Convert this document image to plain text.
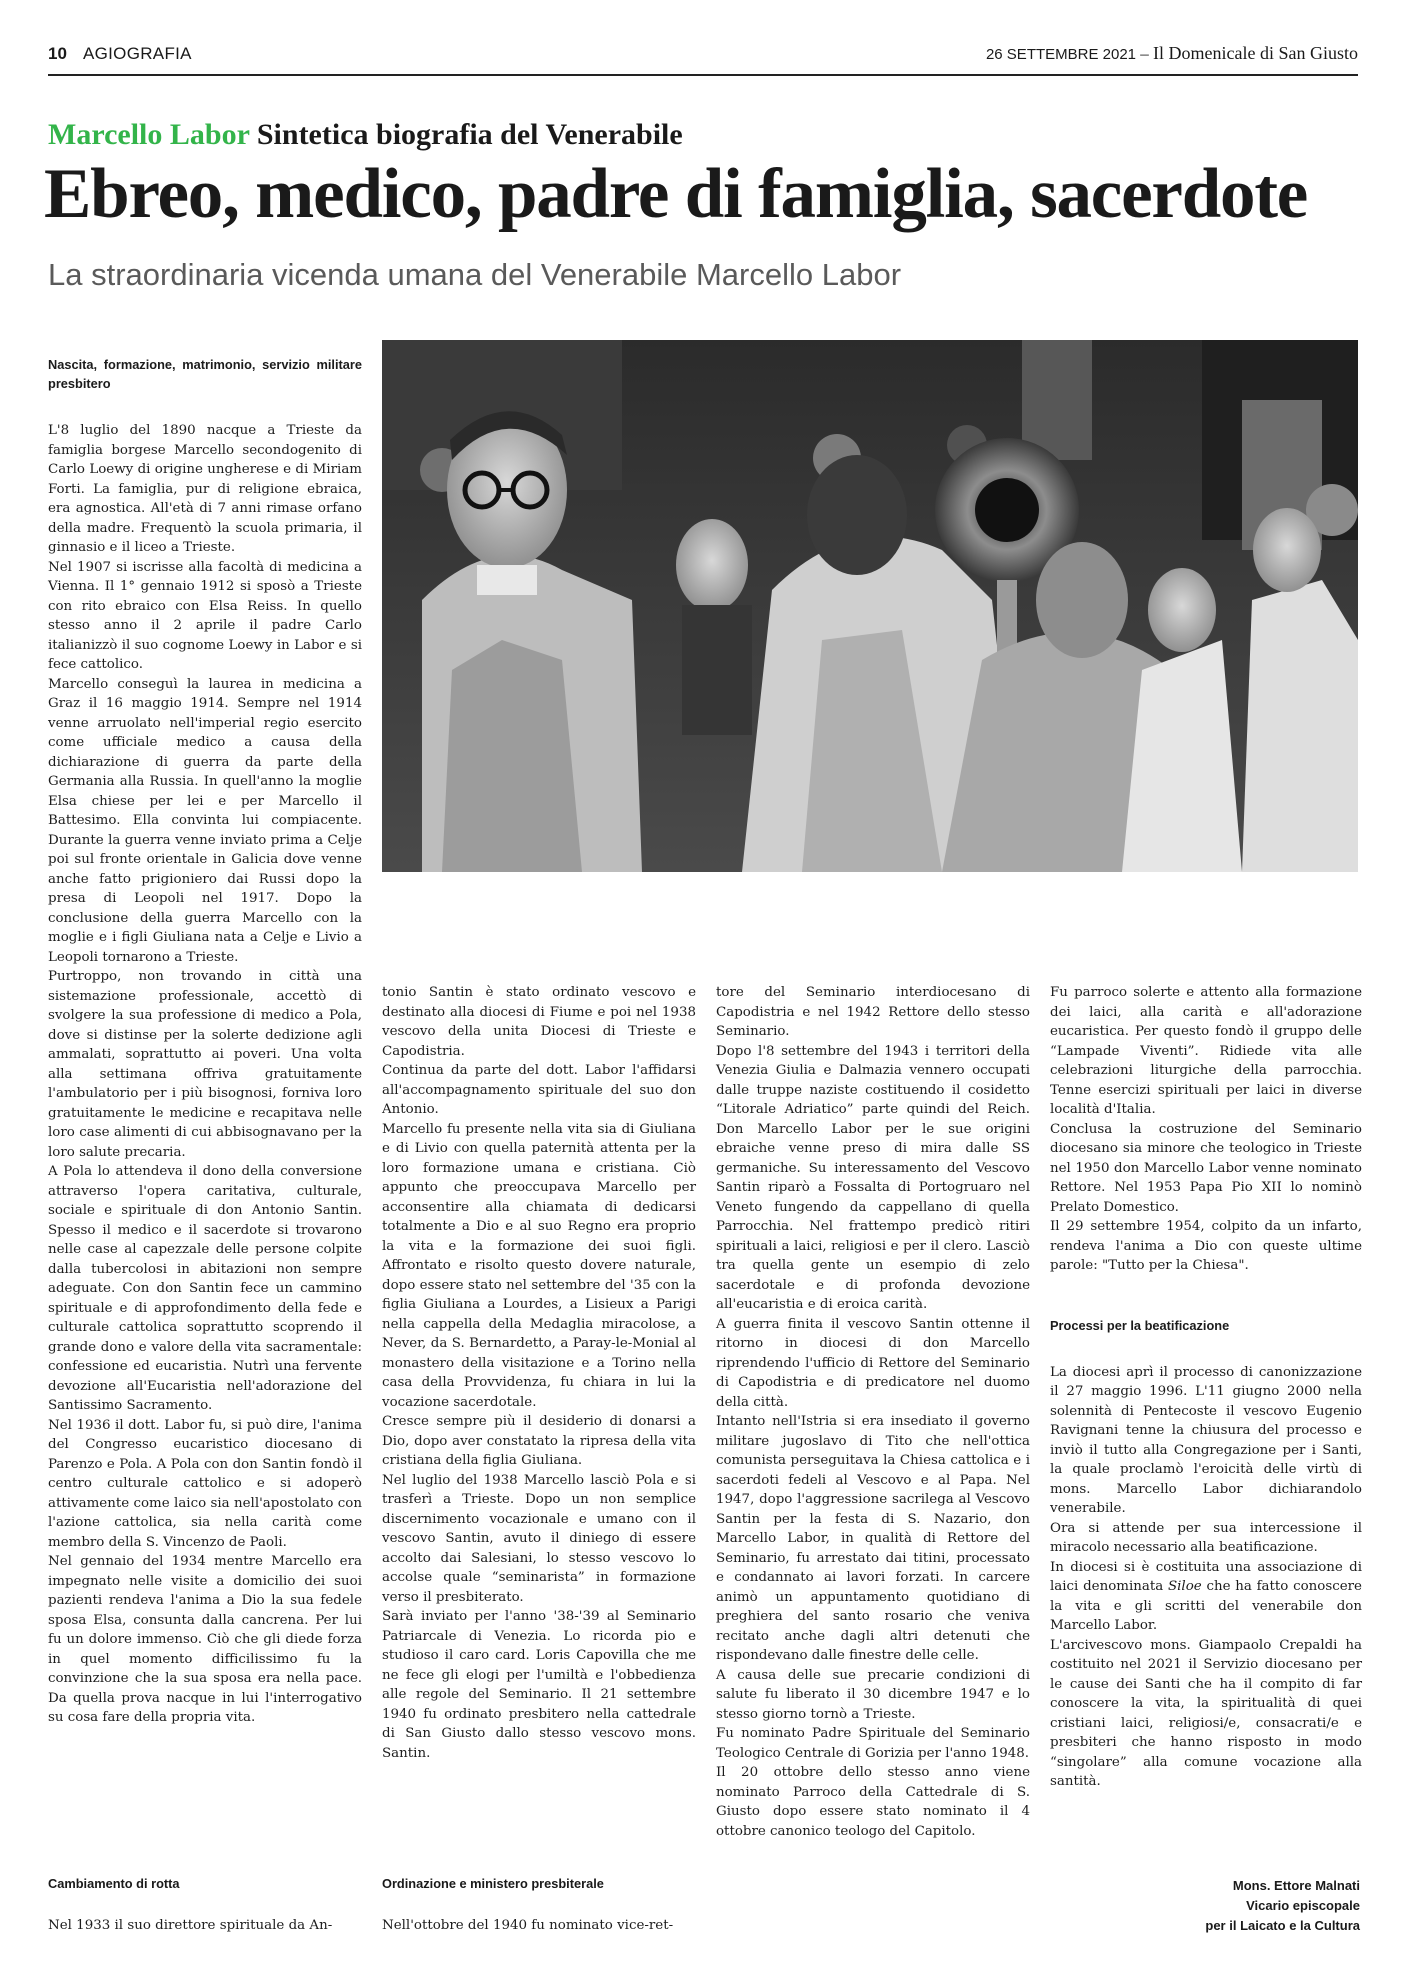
10 AGIOGRAFIA	26 SETTEMBRE 2021 – Il Domenicale di San Giusto
Marcello Labor Sintetica biografia del Venerabile
Ebreo, medico, padre di famiglia, sacerdote
La straordinaria vicenda umana del Venerabile Marcello Labor
Nascita, formazione, matrimonio, servizio militare presbitero

L'8 luglio del 1890 nacque a Trieste da famiglia borgese Marcello secondogenito di Carlo Loewy di origine ungherese e di Miriam Forti. La famiglia, pur di religione ebraica, era agnostica. All'età di 7 anni rimase orfano della madre. Frequentò la scuola primaria, il ginnasio e il liceo a Trieste.

Nel 1907 si iscrisse alla facoltà di medicina a Vienna. Il 1° gennaio 1912 si sposò a Trieste con rito ebraico con Elsa Reiss. In quello stesso anno il 2 aprile il padre Carlo italianizzò il suo cognome Loewy in Labor e si fece cattolico.

Marcello conseguì la laurea in medicina a Graz il 16 maggio 1914. Sempre nel 1914 venne arruolato nell'imperial regio esercito come ufficiale medico a causa della dichiarazione di guerra da parte della Germania alla Russia. In quell'anno la moglie Elsa chiese per lei e per Marcello il Battesimo. Ella convinta lui compiacente. Durante la guerra venne inviato prima a Celje poi sul fronte orientale in Galicia dove venne anche fatto prigioniero dai Russi dopo la presa di Leopoli nel 1917. Dopo la conclusione della guerra Marcello con la moglie e i figli Giuliana nata a Celje e Livio a Leopoli tornarono a Trieste.

Purtroppo, non trovando in città una sistemazione professionale, accettò di svolgere la sua professione di medico a Pola, dove si distinse per la solerte dedizione agli ammalati, soprattutto ai poveri. Una volta alla settimana offriva gratuitamente l'ambulatorio per i più bisognosi, forniva loro gratuitamente le medicine e recapitava nelle loro case alimenti di cui abbisognavano per la loro salute precaria.

A Pola lo attendeva il dono della conversione attraverso l'opera caritativa, culturale, sociale e spirituale di don Antonio Santin. Spesso il medico e il sacerdote si trovarono nelle case al capezzale delle persone colpite dalla tubercolosi in abitazioni non sempre adeguate. Con don Santin fece un cammino spirituale e di approfondimento della fede e culturale cattolica soprattutto scoprendo il grande dono e valore della vita sacramentale: confessione ed eucaristia. Nutrì una fervente devozione all'Eucaristia nell'adorazione del Santissimo Sacramento.

Nel 1936 il dott. Labor fu, si può dire, l'anima del Congresso eucaristico diocesano di Parenzo e Pola. A Pola con don Santin fondò il centro culturale cattolico e si adoperò attivamente come laico sia nell'apostolato con l'azione cattolica, sia nella carità come membro della S. Vincenzo de Paoli.

Nel gennaio del 1934 mentre Marcello era impegnato nelle visite a domicilio dei suoi pazienti rendeva l'anima a Dio la sua fedele sposa Elsa, consunta dalla cancrena. Per lui fu un dolore immenso. Ciò che gli diede forza in quel momento difficilissimo fu la convinzione che la sua sposa era nella pace. Da quella prova nacque in lui l'interrogativo su cosa fare della propria vita.

Cambiamento di rotta

Nel 1933 il suo direttore spirituale da An-

tonio Santin è stato ordinato vescovo e destinato alla diocesi di Fiume e poi nel 1938 vescovo della unita Diocesi di Trieste e Capodistria.

Continua da parte del dott. Labor l'affidarsi all'accompagnamento spirituale del suo don Antonio.

Marcello fu presente nella vita sia di Giuliana e di Livio con quella paternità attenta per la loro formazione umana e cristiana. Ciò appunto che preoccupava Marcello per acconsentire alla chiamata di dedicarsi totalmente a Dio e al suo Regno era proprio la vita e la formazione dei suoi figli. Affrontato e risolto questo dovere naturale, dopo essere stato nel settembre del '35 con la figlia Giuliana a Lourdes, a Lisieux a Parigi nella cappella della Medaglia miracolose, a Never, da S. Bernardetto, a Paray-le-Monial al monastero della visitazione e a Torino nella casa della Provvidenza, fu chiara in lui la vocazione sacerdotale.

Cresce sempre più il desiderio di donarsi a Dio, dopo aver constatato la ripresa della vita cristiana della figlia Giuliana.

Nel luglio del 1938 Marcello lasciò Pola e si trasferì a Trieste. Dopo un non semplice discernimento vocazionale e umano con il vescovo Santin, avuto il diniego di essere accolto dai Salesiani, lo stesso vescovo lo accolse quale “seminarista” in formazione verso il presbiterato.

Sarà inviato per l'anno '38-'39 al Seminario Patriarcale di Venezia. Lo ricorda pio e studioso il caro card. Loris Capovilla che me ne fece gli elogi per l'umiltà e l'obbedienza alle regole del Seminario. Il 21 settembre 1940 fu ordinato presbitero nella cattedrale di San Giusto dallo stesso vescovo mons. Santin.

Ordinazione e ministero presbiterale

Nell'ottobre del 1940 fu nominato vice-ret-

tore del Seminario interdiocesano di Capodistria e nel 1942 Rettore dello stesso Seminario.

Dopo l'8 settembre del 1943 i territori della Venezia Giulia e Dalmazia vennero occupati dalle truppe naziste costituendo il cosidetto “Litorale Adriatico” parte quindi del Reich. Don Marcello Labor per le sue origini ebraiche venne preso di mira dalle SS germaniche. Su interessamento del Vescovo Santin riparò a Fossalta di Portogruaro nel Veneto fungendo da cappellano di quella Parrocchia. Nel frattempo predicò ritiri spirituali a laici, religiosi e per il clero. Lasciò tra quella gente un esempio di zelo sacerdotale e di profonda devozione all'eucaristia e di eroica carità.

A guerra finita il vescovo Santin ottenne il ritorno in diocesi di don Marcello riprendendo l'ufficio di Rettore del Seminario di Capodistria e di predicatore nel duomo della città.

Intanto nell'Istria si era insediato il governo militare jugoslavo di Tito che nell'ottica comunista perseguitava la Chiesa cattolica e i sacerdoti fedeli al Vescovo e al Papa. Nel 1947, dopo l'aggressione sacrilega al Vescovo Santin per la festa di S. Nazario, don Marcello Labor, in qualità di Rettore del Seminario, fu arrestato dai titini, processato e condannato ai lavori forzati. In carcere animò un appuntamento quotidiano di preghiera del santo rosario che veniva recitato anche dagli altri detenuti che rispondevano dalle finestre delle celle.

A causa delle sue precarie condizioni di salute fu liberato il 30 dicembre 1947 e lo stesso giorno tornò a Trieste.

Fu nominato Padre Spirituale del Seminario Teologico Centrale di Gorizia per l'anno 1948.

Il 20 ottobre dello stesso anno viene nominato Parroco della Cattedrale di S. Giusto dopo essere stato nominato il 4 ottobre canonico teologo del Capitolo.

Fu parroco solerte e attento alla formazione dei laici, alla carità e all'adorazione eucaristica. Per questo fondò il gruppo delle “Lampade Viventi”. Ridiede vita alle celebrazioni liturgiche della parrocchia. Tenne esercizi spirituali per laici in diverse località d'Italia.

Conclusa la costruzione del Seminario diocesano sia minore che teologico in Trieste nel 1950 don Marcello Labor venne nominato Rettore. Nel 1953 Papa Pio XII lo nominò Prelato Domestico.

Il 29 settembre 1954, colpito da un infarto, rendeva l'anima a Dio con queste ultime parole: "Tutto per la Chiesa".

Processi per la beatificazione

La diocesi aprì il processo di canonizzazione il 27 maggio 1996. L'11 giugno 2000 nella solennità di Pentecoste il vescovo Eugenio Ravignani tenne la chiusura del processo e inviò il tutto alla Congregazione per i Santi, la quale proclamò l'eroicità delle virtù di mons. Marcello Labor dichiarandolo venerabile.

Ora si attende per sua intercessione il miracolo necessario alla beatificazione.

In diocesi si è costituita una associazione di laici denominata Siloe che ha fatto conoscere la vita e gli scritti del venerabile don Marcello Labor.

L'arcivescovo mons. Giampaolo Crepaldi ha costituito nel 2021 il Servizio diocesano per le cause dei Santi che ha il compito di far conoscere la vita, la spiritualità di quei cristiani laici, religiosi/e, consacrati/e e presbiteri che hanno risposto in modo “singolare” alla comune vocazione alla santità.

Mons. Ettore Malnati
Vicario episcopale
per il Laicato e la Cultura
